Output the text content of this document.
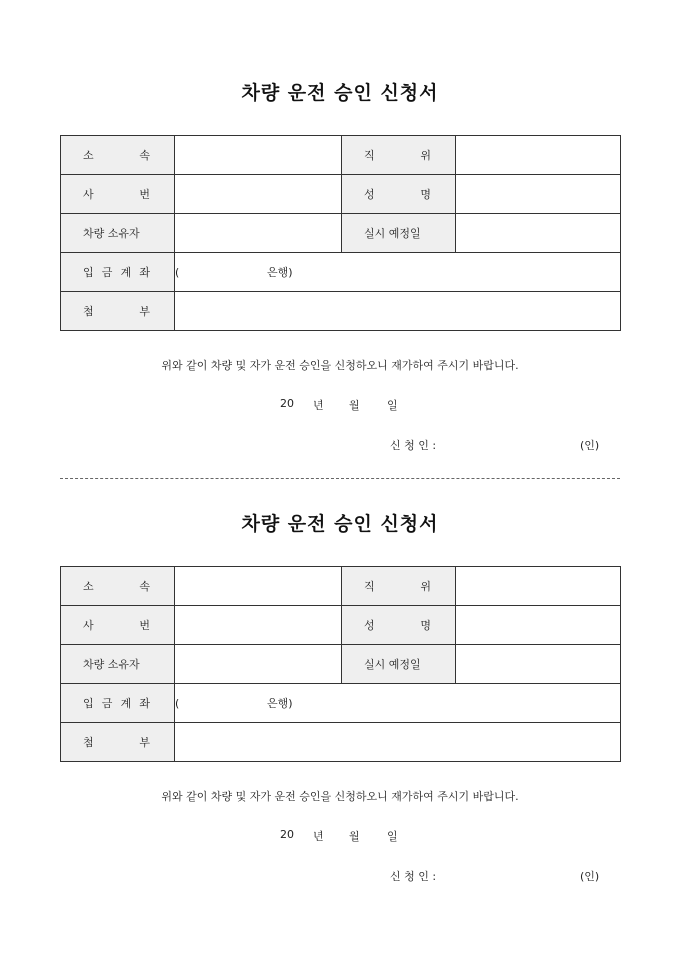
차량 운전 승인 신청서
소 속		직 위	

사 번		성 명	

차량 소유자		실시 예정일	

입 금 계 좌	( 은행)		

첨 부			

위와 같이 차량 및 자가 운전 승인을 신청하오니 재가하여 주시기 바랍니다.
20 년 월 일
신 청 인 :	(인)
차량 운전 승인 신청서
소 속		직 위	

사 번		성 명	

차량 소유자		실시 예정일	

입 금 계 좌	( 은행)		

첨 부			

위와 같이 차량 및 자가 운전 승인을 신청하오니 재가하여 주시기 바랍니다.
20 년 월 일
신 청 인 :	(인)
